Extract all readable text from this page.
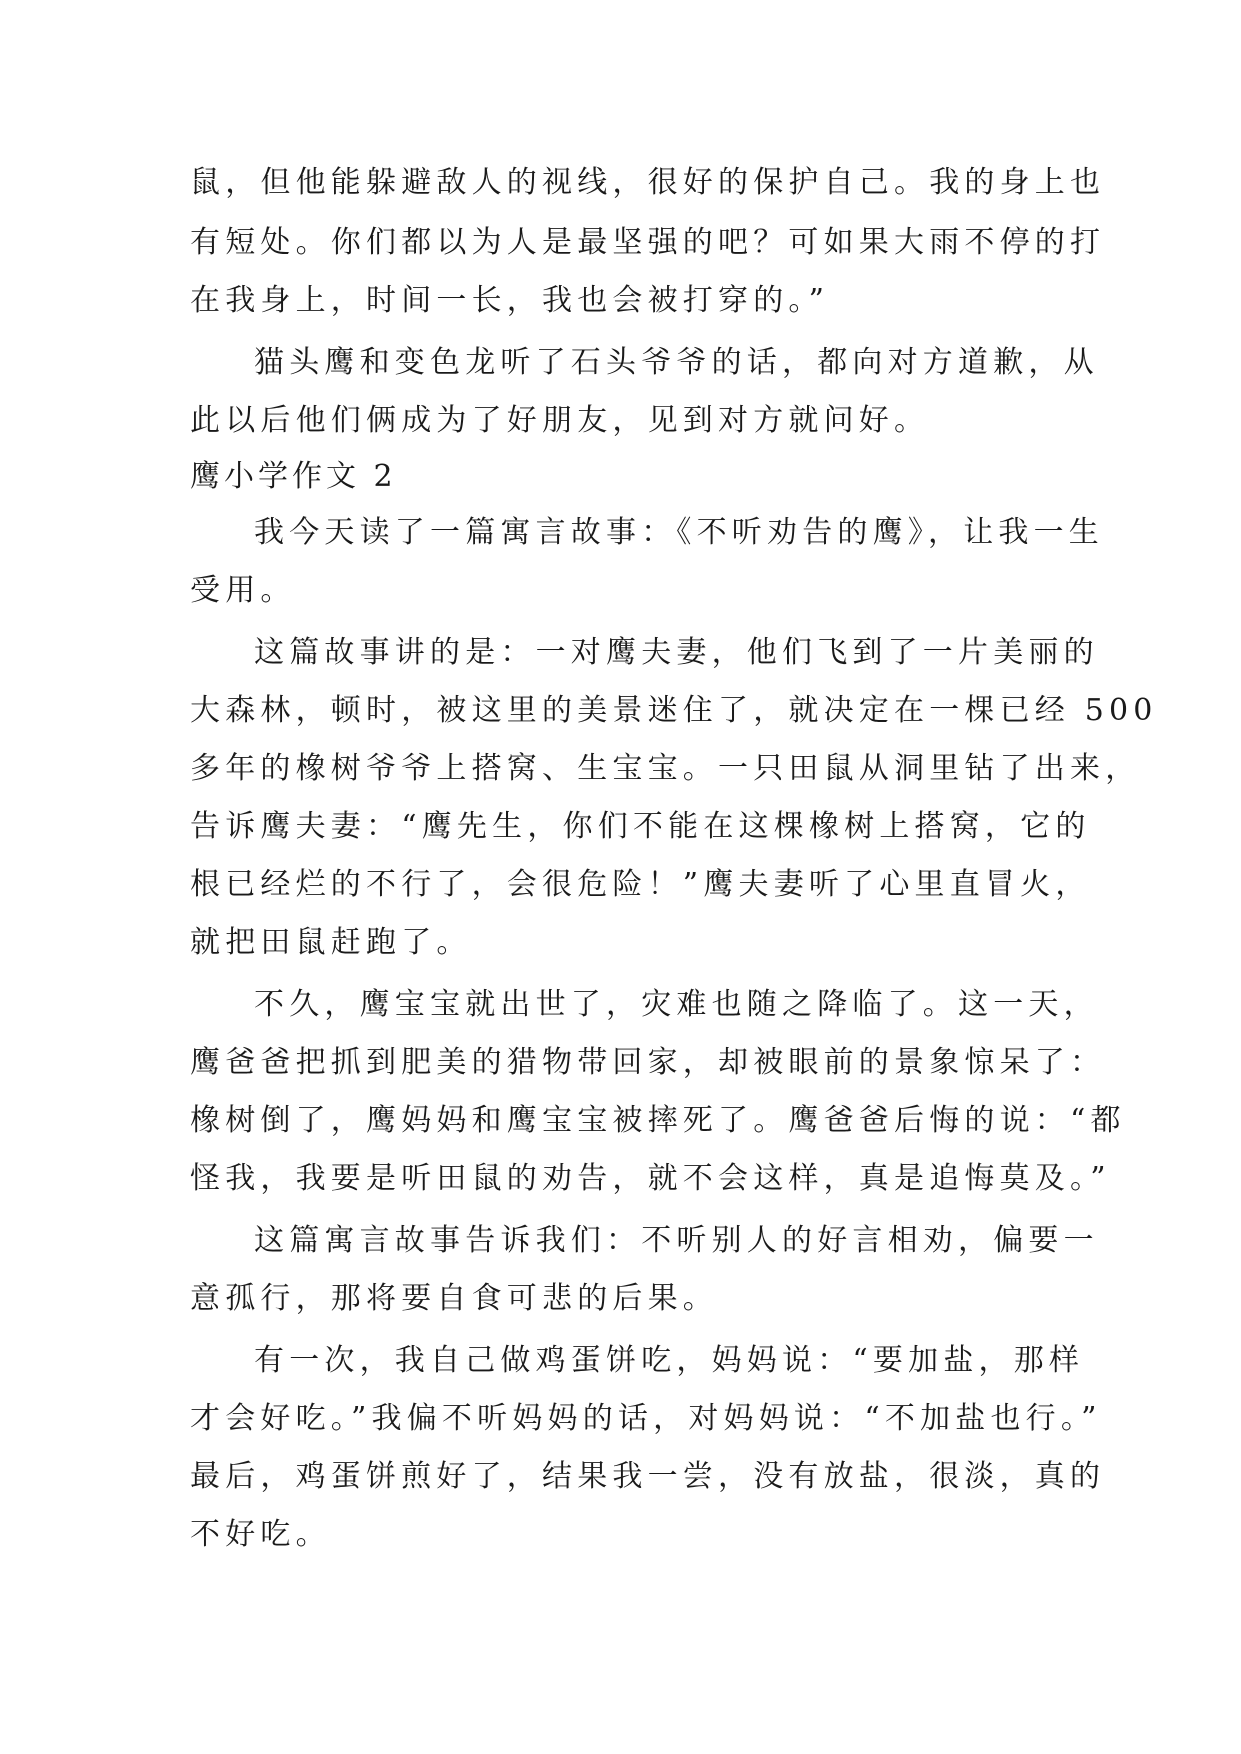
鼠，但他能躲避敌人的视线，很好的保护自己。我的身上也
有短处。你们都以为人是最坚强的吧？可如果大雨不停的打
在我身上，时间一长，我也会被打穿的。”
猫头鹰和变色龙听了石头爷爷的话，都向对方道歉，从
此以后他们俩成为了好朋友，见到对方就问好。
鹰小学作文 2
我今天读了一篇寓言故事：《不听劝告的鹰》，让我一生
受用。
这篇故事讲的是：一对鹰夫妻，他们飞到了一片美丽的
大森林，顿时，被这里的美景迷住了，就决定在一棵已经 500
多年的橡树爷爷上搭窝、生宝宝。一只田鼠从洞里钻了出来，
告诉鹰夫妻：“鹰先生，你们不能在这棵橡树上搭窝，它的
根已经烂的不行了，会很危险！”鹰夫妻听了心里直冒火，
就把田鼠赶跑了。
不久，鹰宝宝就出世了，灾难也随之降临了。这一天，
鹰爸爸把抓到肥美的猎物带回家，却被眼前的景象惊呆了：
橡树倒了，鹰妈妈和鹰宝宝被摔死了。鹰爸爸后悔的说：“都
怪我，我要是听田鼠的劝告，就不会这样，真是追悔莫及。”
这篇寓言故事告诉我们：不听别人的好言相劝，偏要一
意孤行，那将要自食可悲的后果。
有一次，我自己做鸡蛋饼吃，妈妈说：“要加盐，那样
才会好吃。”我偏不听妈妈的话，对妈妈说：“不加盐也行。”
最后，鸡蛋饼煎好了，结果我一尝，没有放盐，很淡，真的
不好吃。
